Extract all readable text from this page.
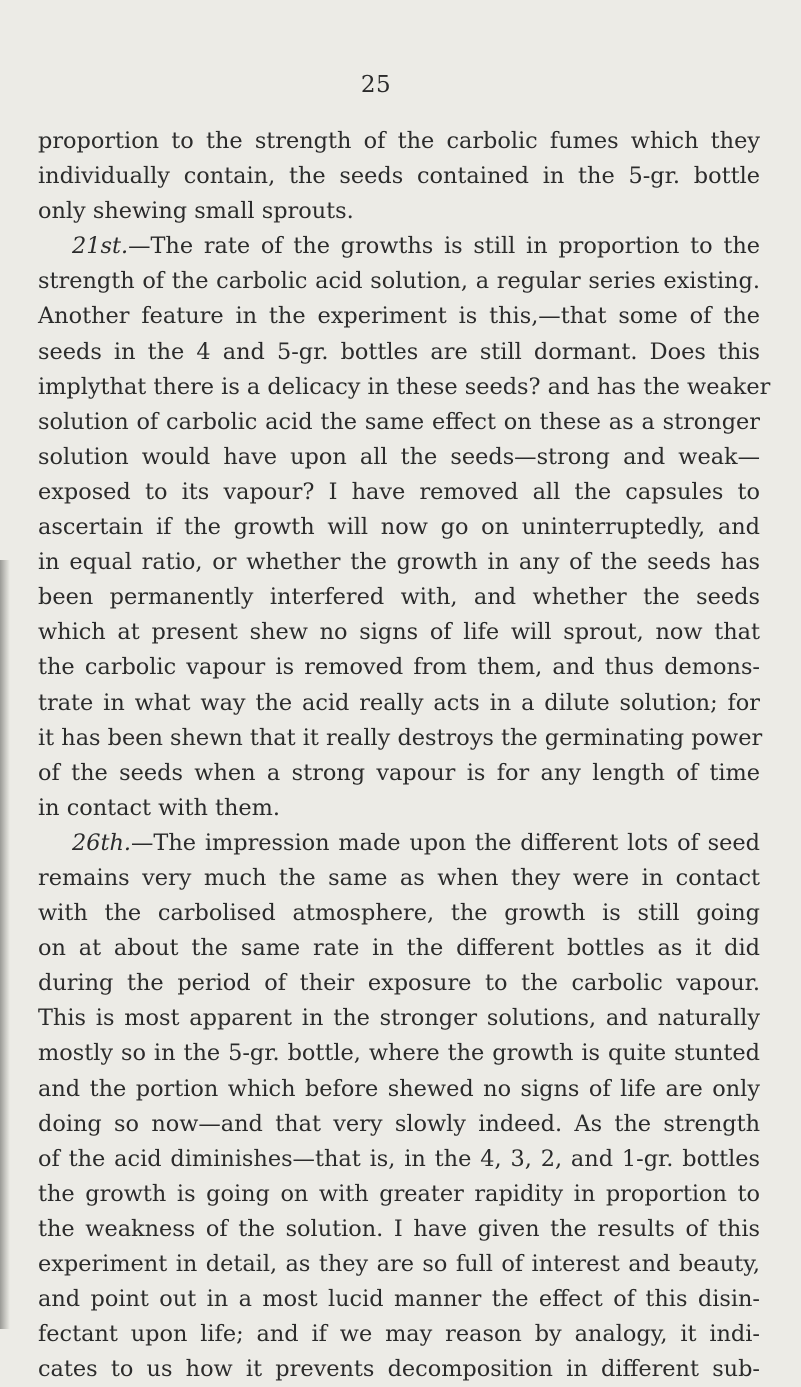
25
proportion to the strength of the carbolic fumes which they
individually contain, the seeds contained in the 5-gr. bottle
only shewing small sprouts.
21st.—The rate of the growths is still in proportion to the
strength of the carbolic acid solution, a regular series existing.
Another feature in the experiment is this,—that some of the
seeds in the 4 and 5-gr. bottles are still dormant. Does this
implythat there is a delicacy in these seeds? and has the weaker
solution of carbolic acid the same effect on these as a stronger
solution would have upon all the seeds—strong and weak—
exposed to its vapour? I have removed all the capsules to
ascertain if the growth will now go on uninterruptedly, and
in equal ratio, or whether the growth in any of the seeds has
been permanently interfered with, and whether the seeds
which at present shew no signs of life will sprout, now that
the carbolic vapour is removed from them, and thus demons-
trate in what way the acid really acts in a dilute solution; for
it has been shewn that it really destroys the germinating power
of the seeds when a strong vapour is for any length of time
in contact with them.
26th.—The impression made upon the different lots of seed
remains very much the same as when they were in contact
with the carbolised atmosphere, the growth is still going
on at about the same rate in the different bottles as it did
during the period of their exposure to the carbolic vapour.
This is most apparent in the stronger solutions, and naturally
mostly so in the 5-gr. bottle, where the growth is quite stunted
and the portion which before shewed no signs of life are only
doing so now—and that very slowly indeed. As the strength
of the acid diminishes—that is, in the 4, 3, 2, and 1-gr. bottles
the growth is going on with greater rapidity in proportion to
the weakness of the solution. I have given the results of this
experiment in detail, as they are so full of interest and beauty,
and point out in a most lucid manner the effect of this disin-
fectant upon life; and if we may reason by analogy, it indi-
cates to us how it prevents decomposition in different sub-
